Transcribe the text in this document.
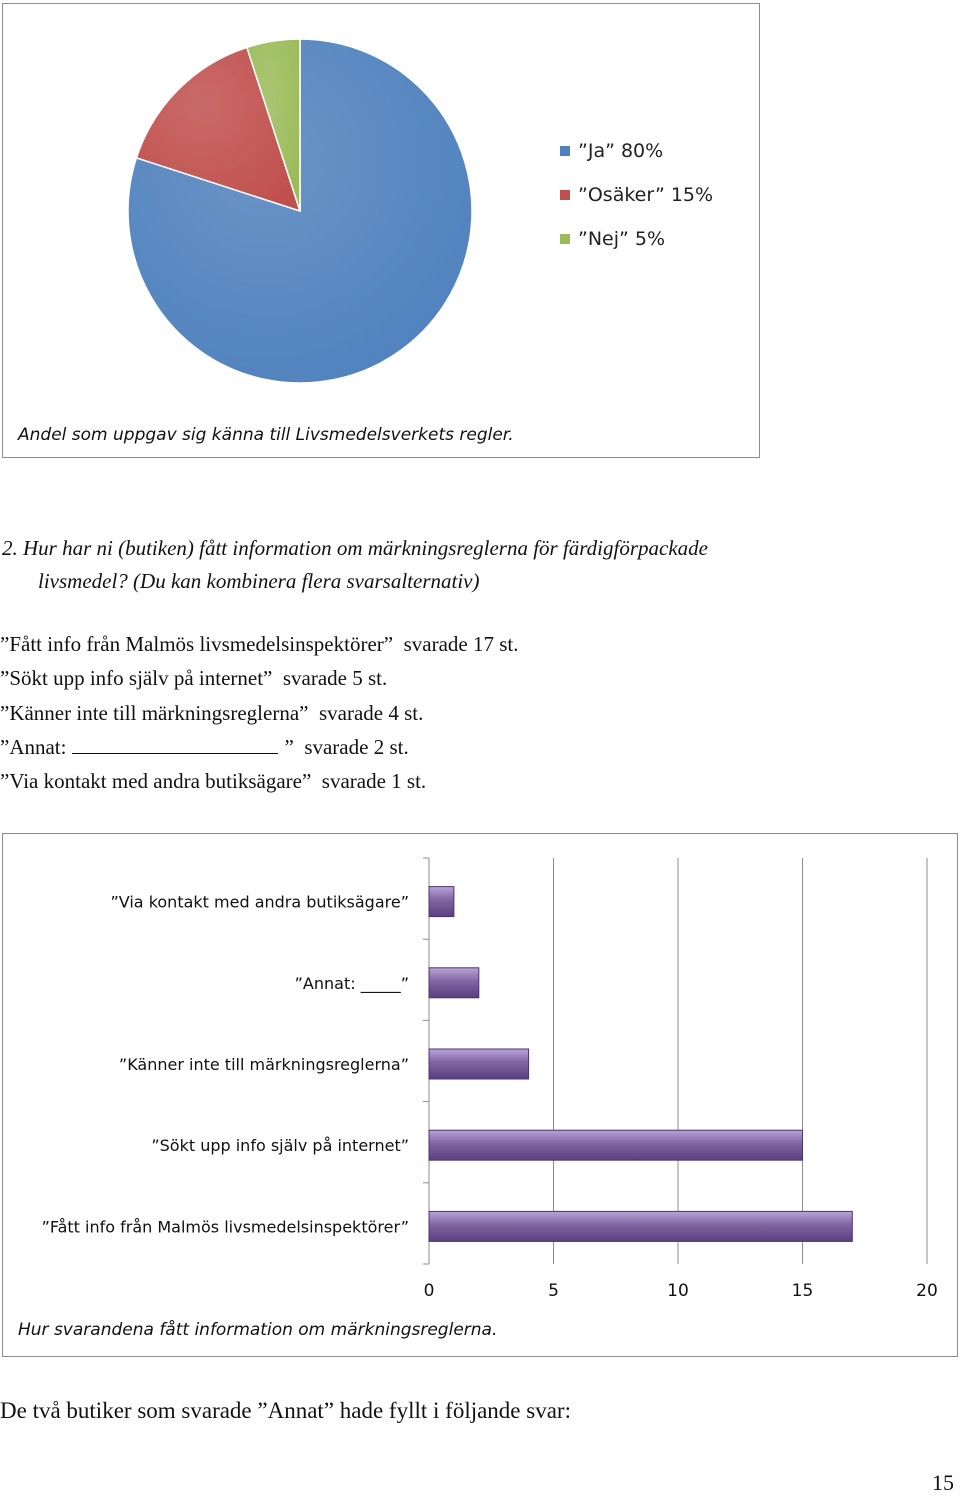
”Ja” 80%
”Osäker” 15%
”Nej” 5%
Andel som uppgav sig känna till Livsmedelsverkets regler.
2. Hur har ni (butiken) fått information om märkningsreglerna för färdigförpackade
livsmedel? (Du kan kombinera flera svarsalternativ)
”Fått info från Malmös livsmedelsinspektörer” svarade 17 st.
”Sökt upp info själv på internet” svarade 5 st.
”Känner inte till märkningsreglerna” svarade 4 st.
”Annat:	” svarade 2 st.
”Via kontakt med andra butiksägare” svarade 1 st.
0	5	10	15	20
”Via kontakt med andra butiksägare”
”Annat: _____”
”Känner inte till märkningsreglerna”
”Sökt upp info själv på internet”
”Fått info från Malmös livsmedelsinspektörer”
Hur svarandena fått information om märkningsreglerna.
De två butiker som svarade ”Annat” hade fyllt i följande svar:
15
